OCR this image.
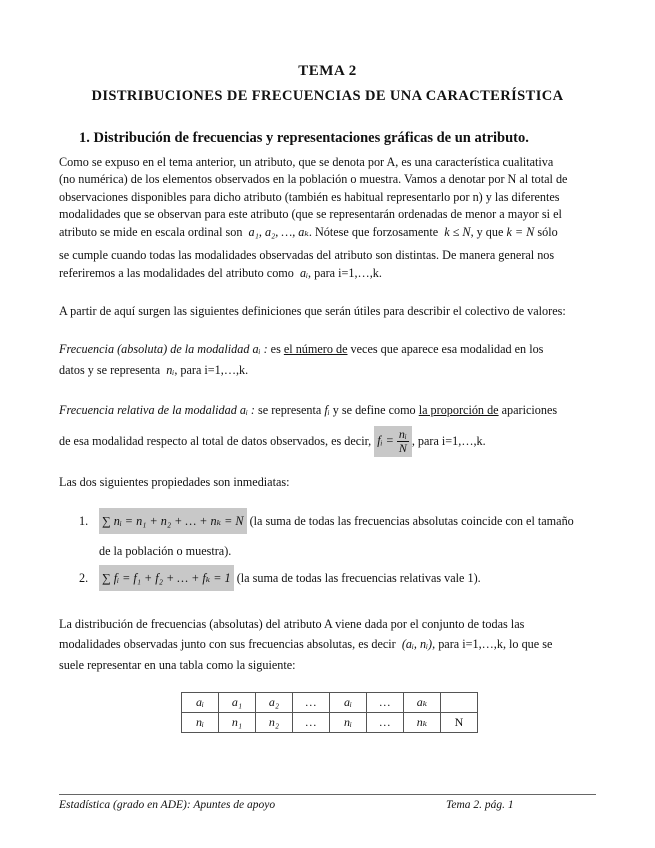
TEMA 2
DISTRIBUCIONES DE FRECUENCIAS DE UNA CARACTERÍSTICA
1. Distribución de frecuencias y representaciones gráficas de un atributo.
Como se expuso en el tema anterior, un atributo, que se denota por A, es una característica cualitativa
(no numérica) de los elementos observados en la población o muestra. Vamos a denotar por N al total de
observaciones disponibles para dicho atributo (también es habitual representarlo por n) y las diferentes
modalidades que se observan para este atributo (que se representarán ordenadas de menor a mayor si el
atributo se mide en escala ordinal son a₁, a₂, …, aₖ. Nótese que forzosamente k ≤ N, y que k = N sólo
se cumple cuando todas las modalidades observadas del atributo son distintas. De manera general nos
referiremos a las modalidades del atributo como aᵢ, para i=1,…,k.
A partir de aquí surgen las siguientes definiciones que serán útiles para describir el colectivo de valores:
Frecuencia (absoluta) de la modalidad aᵢ : es el número de veces que aparece esa modalidad en los
datos y se representa nᵢ, para i=1,…,k.
Frecuencia relativa de la modalidad aᵢ : se representa fᵢ y se define como la proporción de apariciones
de esa modalidad respecto al total de datos observados, es decir,
fᵢ = $\frac{\text{nᵢ}}{N}$ , para i=1,…,k.
Las dos siguientes propiedades son inmediatas:
1.	∑ nᵢ = n₁ + n₂ + … + nₖ = N
(la suma de todas las frecuencias absolutas coincide con el tamaño
de la población o muestra).
2.	∑ fᵢ = f₁ + f₂ + … + fₖ = 1
(la suma de todas las frecuencias relativas vale 1).
La distribución de frecuencias (absolutas) del atributo A viene dada por el conjunto de todas las
modalidades observadas junto con sus frecuencias absolutas, es decir (aᵢ, nᵢ), para i=1,…,k, lo que se
suele representar en una tabla como la siguiente:
aᵢ	a₁	a₂	…	aᵢ	…	aₖ	
nᵢ	n₁	n₂	…	nᵢ	…	nₖ	N
Estadística (grado en ADE): Apuntes de apoyo	Tema 2. pág. 1
